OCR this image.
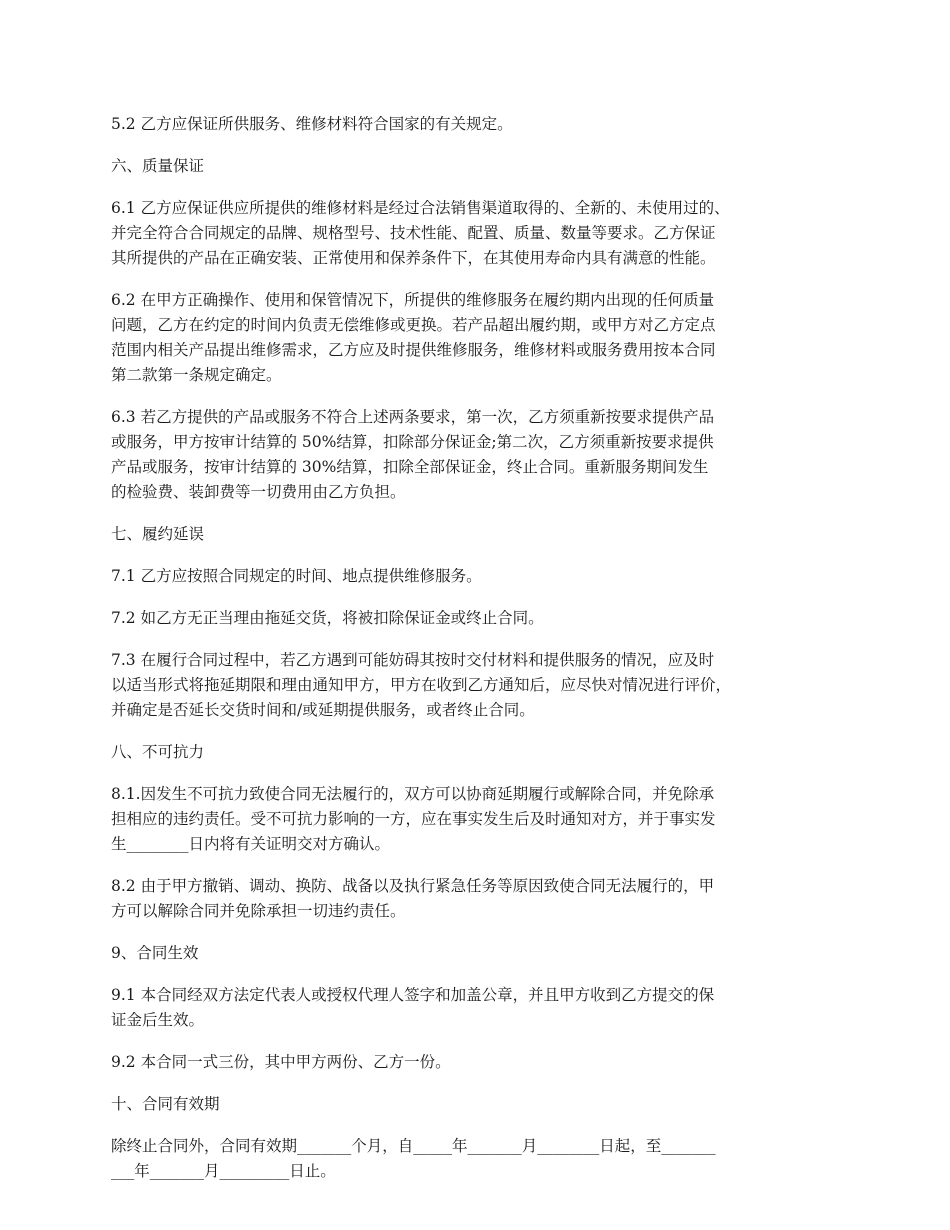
5.2 乙方应保证所供服务、维修材料符合国家的有关规定。

六、质量保证

6.1 乙方应保证供应所提供的维修材料是经过合法销售渠道取得的、全新的、未使用过的、
并完全符合合同规定的品牌、规格型号、技术性能、配置、质量、数量等要求。乙方保证
其所提供的产品在正确安装、正常使用和保养条件下，在其使用寿命内具有满意的性能。

6.2 在甲方正确操作、使用和保管情况下，所提供的维修服务在履约期内出现的任何质量
问题，乙方在约定的时间内负责无偿维修或更换。若产品超出履约期，或甲方对乙方定点
范围内相关产品提出维修需求，乙方应及时提供维修服务，维修材料或服务费用按本合同
第二款第一条规定确定。

6.3 若乙方提供的产品或服务不符合上述两条要求，第一次，乙方须重新按要求提供产品
或服务，甲方按审计结算的 50%结算，扣除部分保证金;第二次，乙方须重新按要求提供
产品或服务，按审计结算的 30%结算，扣除全部保证金，终止合同。重新服务期间发生
的检验费、装卸费等一切费用由乙方负担。

七、履约延误

7.1 乙方应按照合同规定的时间、地点提供维修服务。

7.2 如乙方无正当理由拖延交货，将被扣除保证金或终止合同。

7.3 在履行合同过程中，若乙方遇到可能妨碍其按时交付材料和提供服务的情况，应及时
以适当形式将拖延期限和理由通知甲方，甲方在收到乙方通知后，应尽快对情况进行评价，
并确定是否延长交货时间和/或延期提供服务，或者终止合同。

八、不可抗力

8.1.因发生不可抗力致使合同无法履行的，双方可以协商延期履行或解除合同，并免除承
担相应的违约责任。受不可抗力影响的一方，应在事实发生后及时通知对方，并于事实发
生________日内将有关证明交对方确认。

8.2 由于甲方撤销、调动、换防、战备以及执行紧急任务等原因致使合同无法履行的，甲
方可以解除合同并免除承担一切违约责任。

9、合同生效

9.1 本合同经双方法定代表人或授权代理人签字和加盖公章，并且甲方收到乙方提交的保
证金后生效。

9.2 本合同一式三份，其中甲方两份、乙方一份。

十、合同有效期

除终止合同外，合同有效期_______个月，自_____年_______月________日起，至_______
___年_______月_________日止。
